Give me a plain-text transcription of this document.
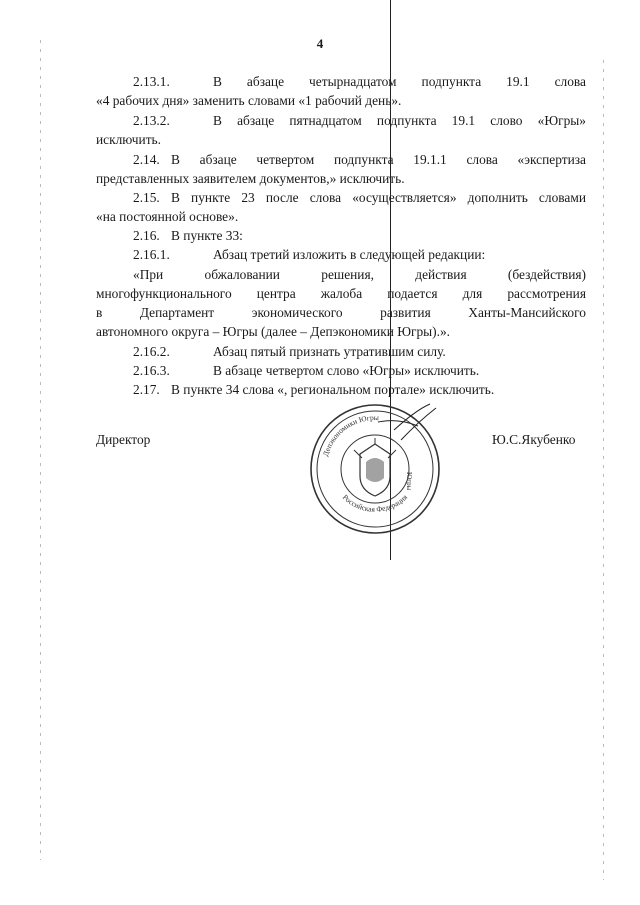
4
2.13.1.	В абзаце четырнадцатом подпункта 19.1 слова
«4 рабочих дня» заменить словами «1 рабочий день».
2.13.2.	В абзаце пятнадцатом подпункта 19.1 слово «Югры»
исключить.
2.14. В абзаце четвертом подпункта 19.1.1 слова «экспертиза
представленных заявителем документов,» исключить.
2.15. В пункте 23 после слова «осуществляется» дополнить словами
«на постоянной основе».
2.16. В пункте 33:
2.16.1.	Абзац третий изложить в следующей редакции:
«При обжаловании решения, действия (бездействия)
многофункционального центра жалоба подается для рассмотрения
в Департамент экономического развития Ханты-Мансийского
автономного округа – Югры (далее – Депэкономики Югры).».
2.16.2.	Абзац пятый признать утратившим силу.
2.16.3.	В абзаце четвертом слово «Югры» исключить.
2.17. В пункте 34 слова «, региональном портале» исключить.
Директор	Ю.С.Якубенко
Депэкономики Югры
Российская Федерация
Югры
